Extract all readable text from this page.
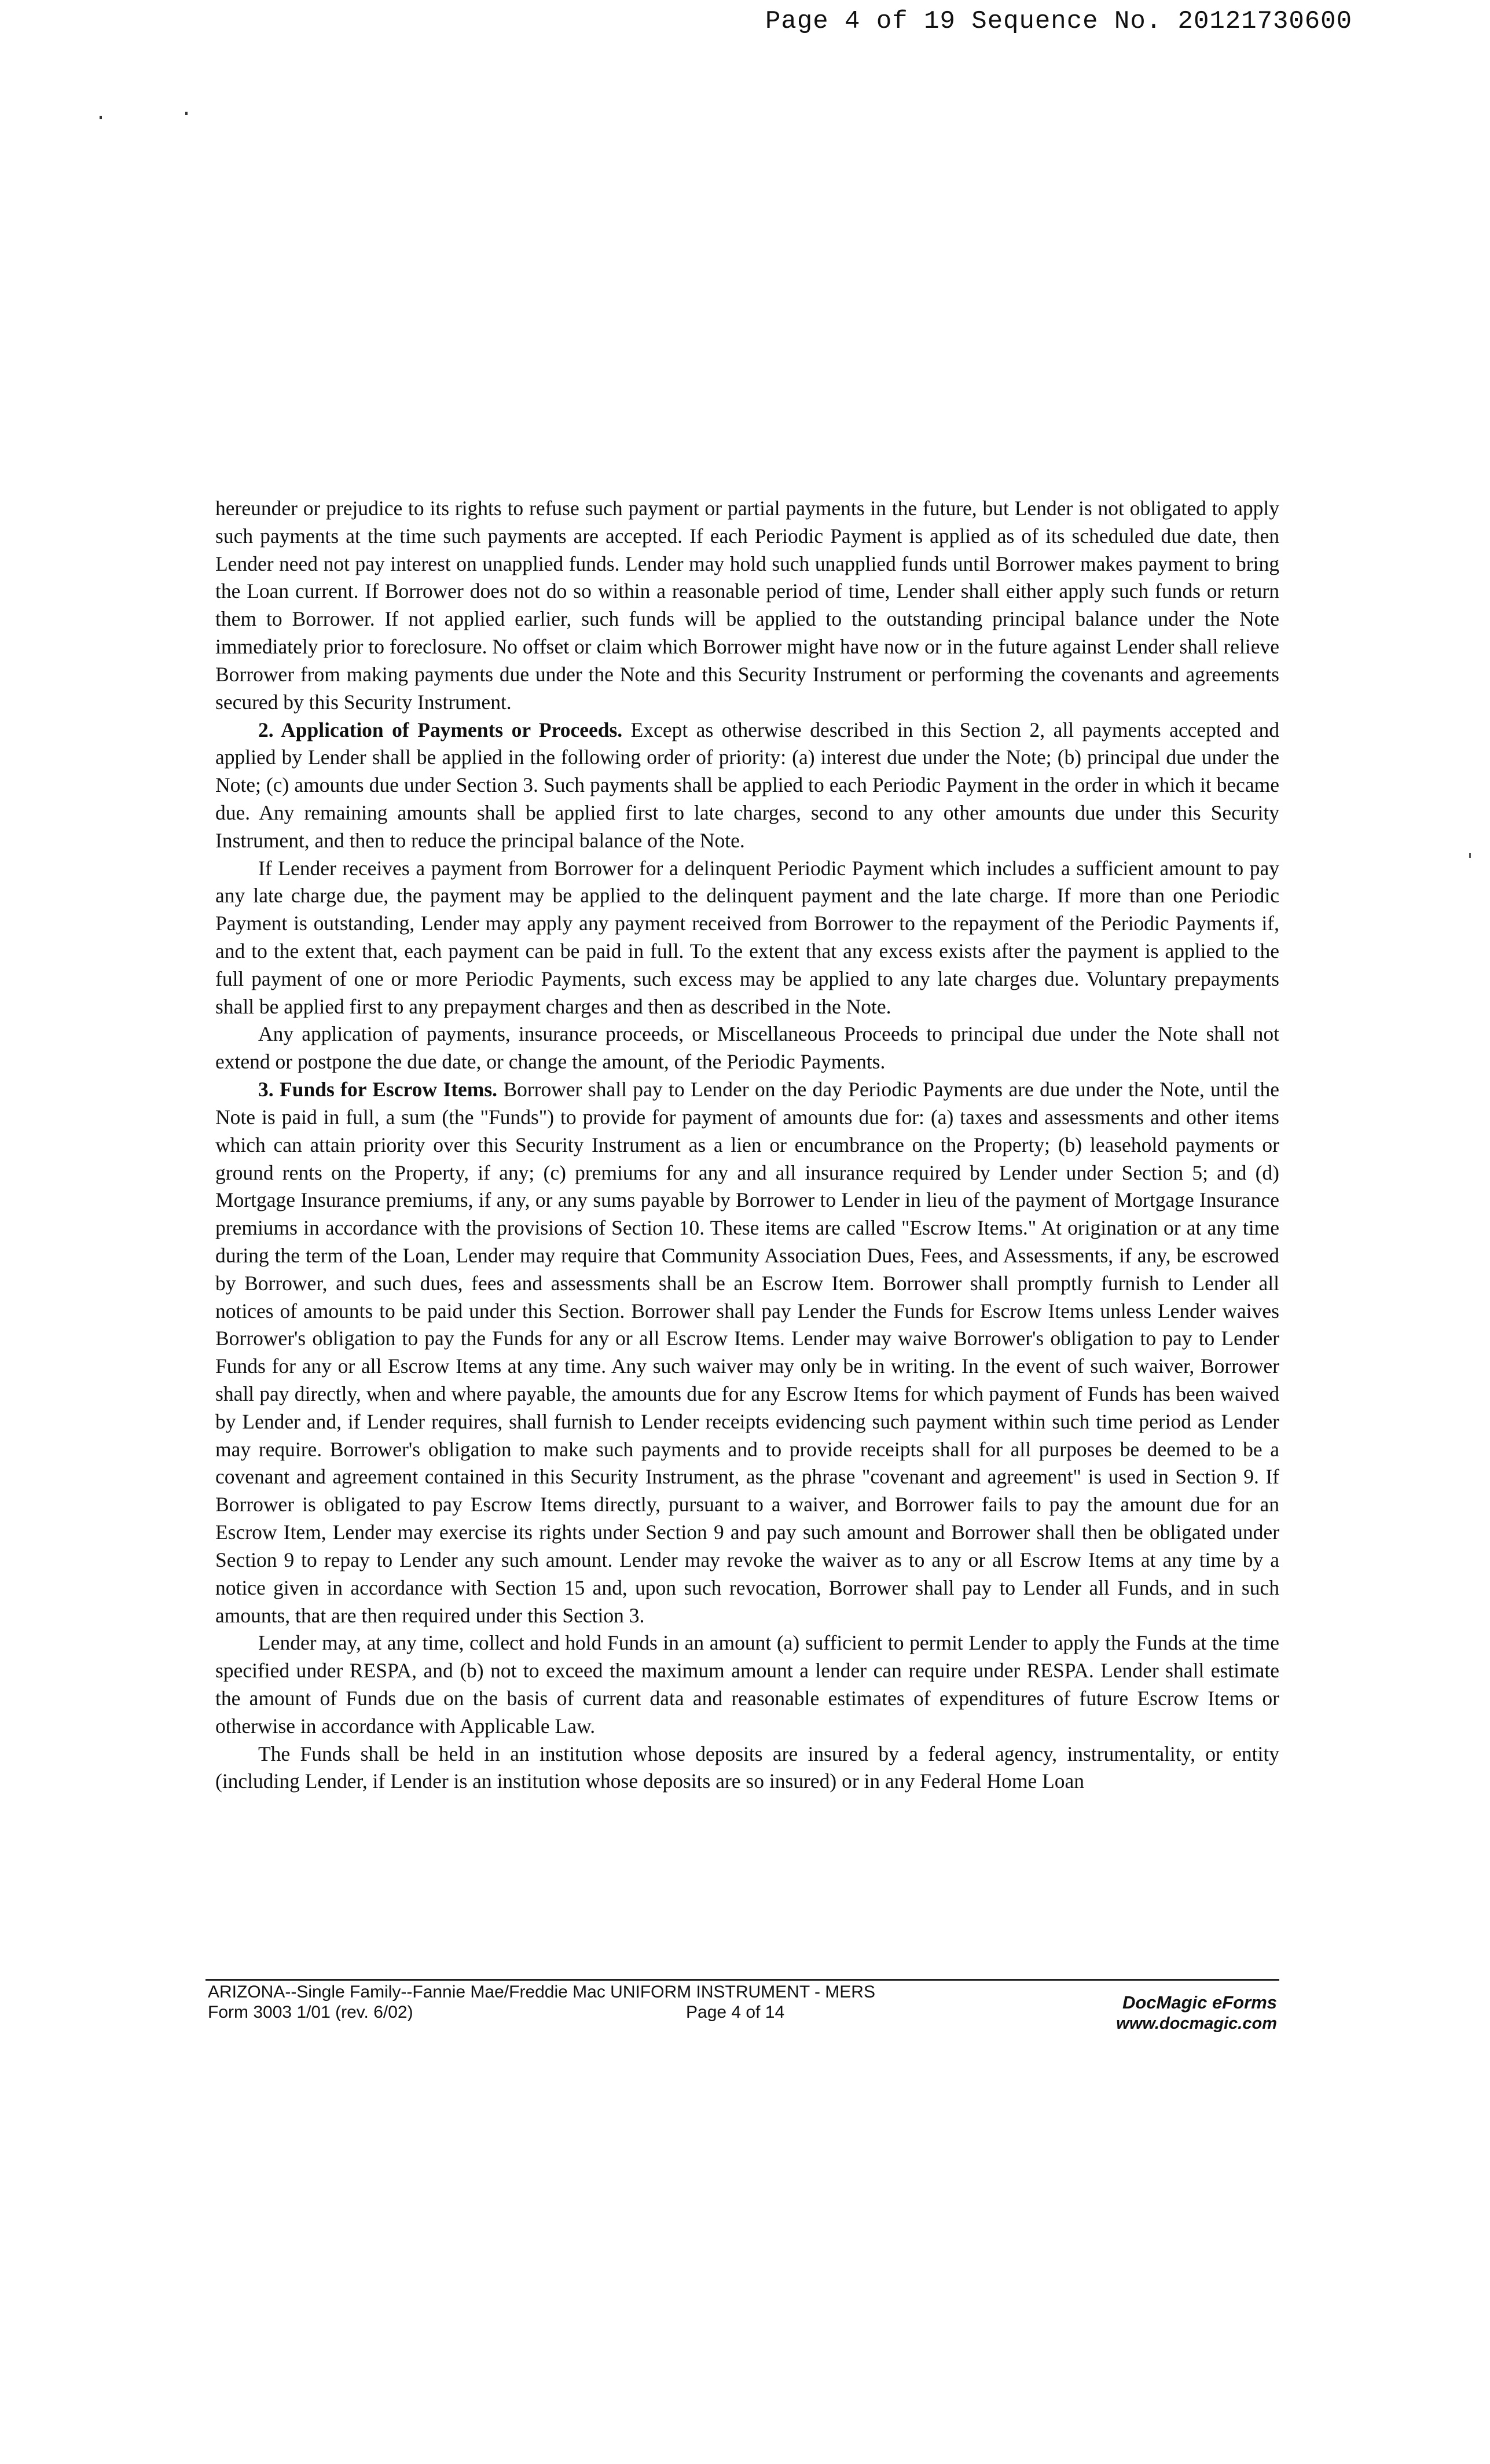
Page 4 of 19 Sequence No. 20121730600

hereunder or prejudice to its rights to refuse such payment or partial payments in the future, but Lender is not obligated to apply such payments at the time such payments are accepted. If each Periodic Payment is applied as of its scheduled due date, then Lender need not pay interest on unapplied funds. Lender may hold such unapplied funds until Borrower makes payment to bring the Loan current. If Borrower does not do so within a reasonable period of time, Lender shall either apply such funds or return them to Borrower. If not applied earlier, such funds will be applied to the outstanding principal balance under the Note immediately prior to foreclosure. No offset or claim which Borrower might have now or in the future against Lender shall relieve Borrower from making payments due under the Note and this Security Instrument or performing the covenants and agreements secured by this Security Instrument.

2. Application of Payments or Proceeds. Except as otherwise described in this Section 2, all payments accepted and applied by Lender shall be applied in the following order of priority: (a) interest due under the Note; (b) principal due under the Note; (c) amounts due under Section 3. Such payments shall be applied to each Periodic Payment in the order in which it became due. Any remaining amounts shall be applied first to late charges, second to any other amounts due under this Security Instrument, and then to reduce the principal balance of the Note.

If Lender receives a payment from Borrower for a delinquent Periodic Payment which includes a sufficient amount to pay any late charge due, the payment may be applied to the delinquent payment and the late charge. If more than one Periodic Payment is outstanding, Lender may apply any payment received from Borrower to the repayment of the Periodic Payments if, and to the extent that, each payment can be paid in full. To the extent that any excess exists after the payment is applied to the full payment of one or more Periodic Payments, such excess may be applied to any late charges due. Voluntary prepayments shall be applied first to any prepayment charges and then as described in the Note.

Any application of payments, insurance proceeds, or Miscellaneous Proceeds to principal due under the Note shall not extend or postpone the due date, or change the amount, of the Periodic Payments.

3. Funds for Escrow Items. Borrower shall pay to Lender on the day Periodic Payments are due under the Note, until the Note is paid in full, a sum (the "Funds") to provide for payment of amounts due for: (a) taxes and assessments and other items which can attain priority over this Security Instrument as a lien or encumbrance on the Property; (b) leasehold payments or ground rents on the Property, if any; (c) premiums for any and all insurance required by Lender under Section 5; and (d) Mortgage Insurance premiums, if any, or any sums payable by Borrower to Lender in lieu of the payment of Mortgage Insurance premiums in accordance with the provisions of Section 10. These items are called "Escrow Items." At origination or at any time during the term of the Loan, Lender may require that Community Association Dues, Fees, and Assessments, if any, be escrowed by Borrower, and such dues, fees and assessments shall be an Escrow Item. Borrower shall promptly furnish to Lender all notices of amounts to be paid under this Section. Borrower shall pay Lender the Funds for Escrow Items unless Lender waives Borrower's obligation to pay the Funds for any or all Escrow Items. Lender may waive Borrower's obligation to pay to Lender Funds for any or all Escrow Items at any time. Any such waiver may only be in writing. In the event of such waiver, Borrower shall pay directly, when and where payable, the amounts due for any Escrow Items for which payment of Funds has been waived by Lender and, if Lender requires, shall furnish to Lender receipts evidencing such payment within such time period as Lender may require. Borrower's obligation to make such payments and to provide receipts shall for all purposes be deemed to be a covenant and agreement contained in this Security Instrument, as the phrase "covenant and agreement" is used in Section 9. If Borrower is obligated to pay Escrow Items directly, pursuant to a waiver, and Borrower fails to pay the amount due for an Escrow Item, Lender may exercise its rights under Section 9 and pay such amount and Borrower shall then be obligated under Section 9 to repay to Lender any such amount. Lender may revoke the waiver as to any or all Escrow Items at any time by a notice given in accordance with Section 15 and, upon such revocation, Borrower shall pay to Lender all Funds, and in such amounts, that are then required under this Section 3.

Lender may, at any time, collect and hold Funds in an amount (a) sufficient to permit Lender to apply the Funds at the time specified under RESPA, and (b) not to exceed the maximum amount a lender can require under RESPA. Lender shall estimate the amount of Funds due on the basis of current data and reasonable estimates of expenditures of future Escrow Items or otherwise in accordance with Applicable Law.

The Funds shall be held in an institution whose deposits are insured by a federal agency, instrumentality, or entity (including Lender, if Lender is an institution whose deposits are so insured) or in any Federal Home Loan

ARIZONA--Single Family--Fannie Mae/Freddie Mac UNIFORM INSTRUMENT - MERS
Form 3003 1/01 (rev. 6/02)	Page 4 of 14	DocMagic eForms
www.docmagic.com
